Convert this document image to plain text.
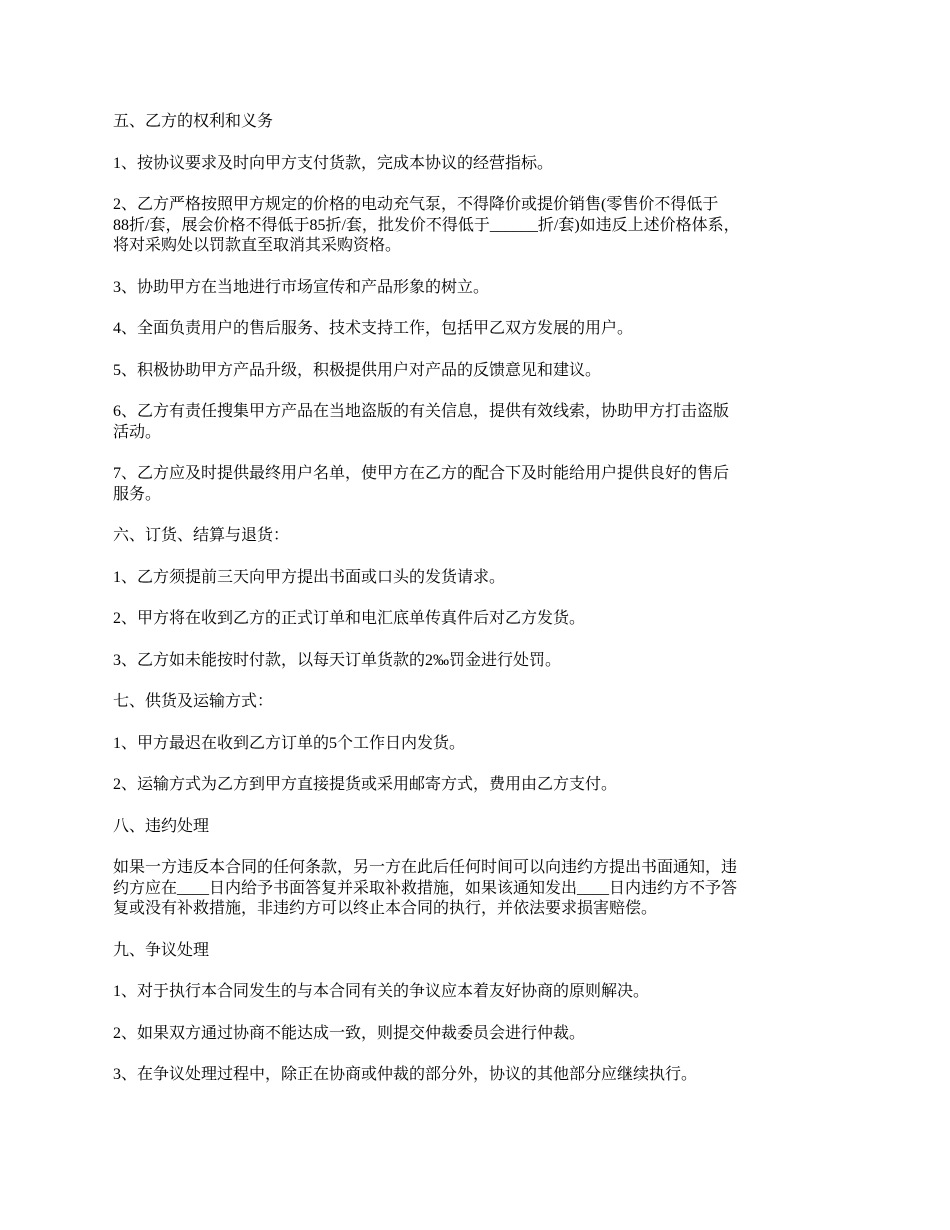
五、乙方的权利和义务

1、按协议要求及时向甲方支付货款，完成本协议的经营指标。

2、乙方严格按照甲方规定的价格的电动充气泵，不得降价或提价销售(零售价不得低于
88折/套，展会价格不得低于85折/套，批发价不得低于______折/套)如违反上述价格体系，
将对采购处以罚款直至取消其采购资格。

3、协助甲方在当地进行市场宣传和产品形象的树立。

4、全面负责用户的售后服务、技术支持工作，包括甲乙双方发展的用户。

5、积极协助甲方产品升级，积极提供用户对产品的反馈意见和建议。

6、乙方有责任搜集甲方产品在当地盗版的有关信息，提供有效线索，协助甲方打击盗版
活动。

7、乙方应及时提供最终用户名单，使甲方在乙方的配合下及时能给用户提供良好的售后
服务。

六、订货、结算与退货：

1、乙方须提前三天向甲方提出书面或口头的发货请求。

2、甲方将在收到乙方的正式订单和电汇底单传真件后对乙方发货。

3、乙方如未能按时付款，以每天订单货款的2‰罚金进行处罚。

七、供货及运输方式：

1、甲方最迟在收到乙方订单的5个工作日内发货。

2、运输方式为乙方到甲方直接提货或采用邮寄方式，费用由乙方支付。

八、违约处理

如果一方违反本合同的任何条款，另一方在此后任何时间可以向违约方提出书面通知，违
约方应在____日内给予书面答复并采取补救措施，如果该通知发出____日内违约方不予答
复或没有补救措施，非违约方可以终止本合同的执行，并依法要求损害赔偿。

九、争议处理

1、对于执行本合同发生的与本合同有关的争议应本着友好协商的原则解决。

2、如果双方通过协商不能达成一致，则提交仲裁委员会进行仲裁。

3、在争议处理过程中，除正在协商或仲裁的部分外，协议的其他部分应继续执行。
